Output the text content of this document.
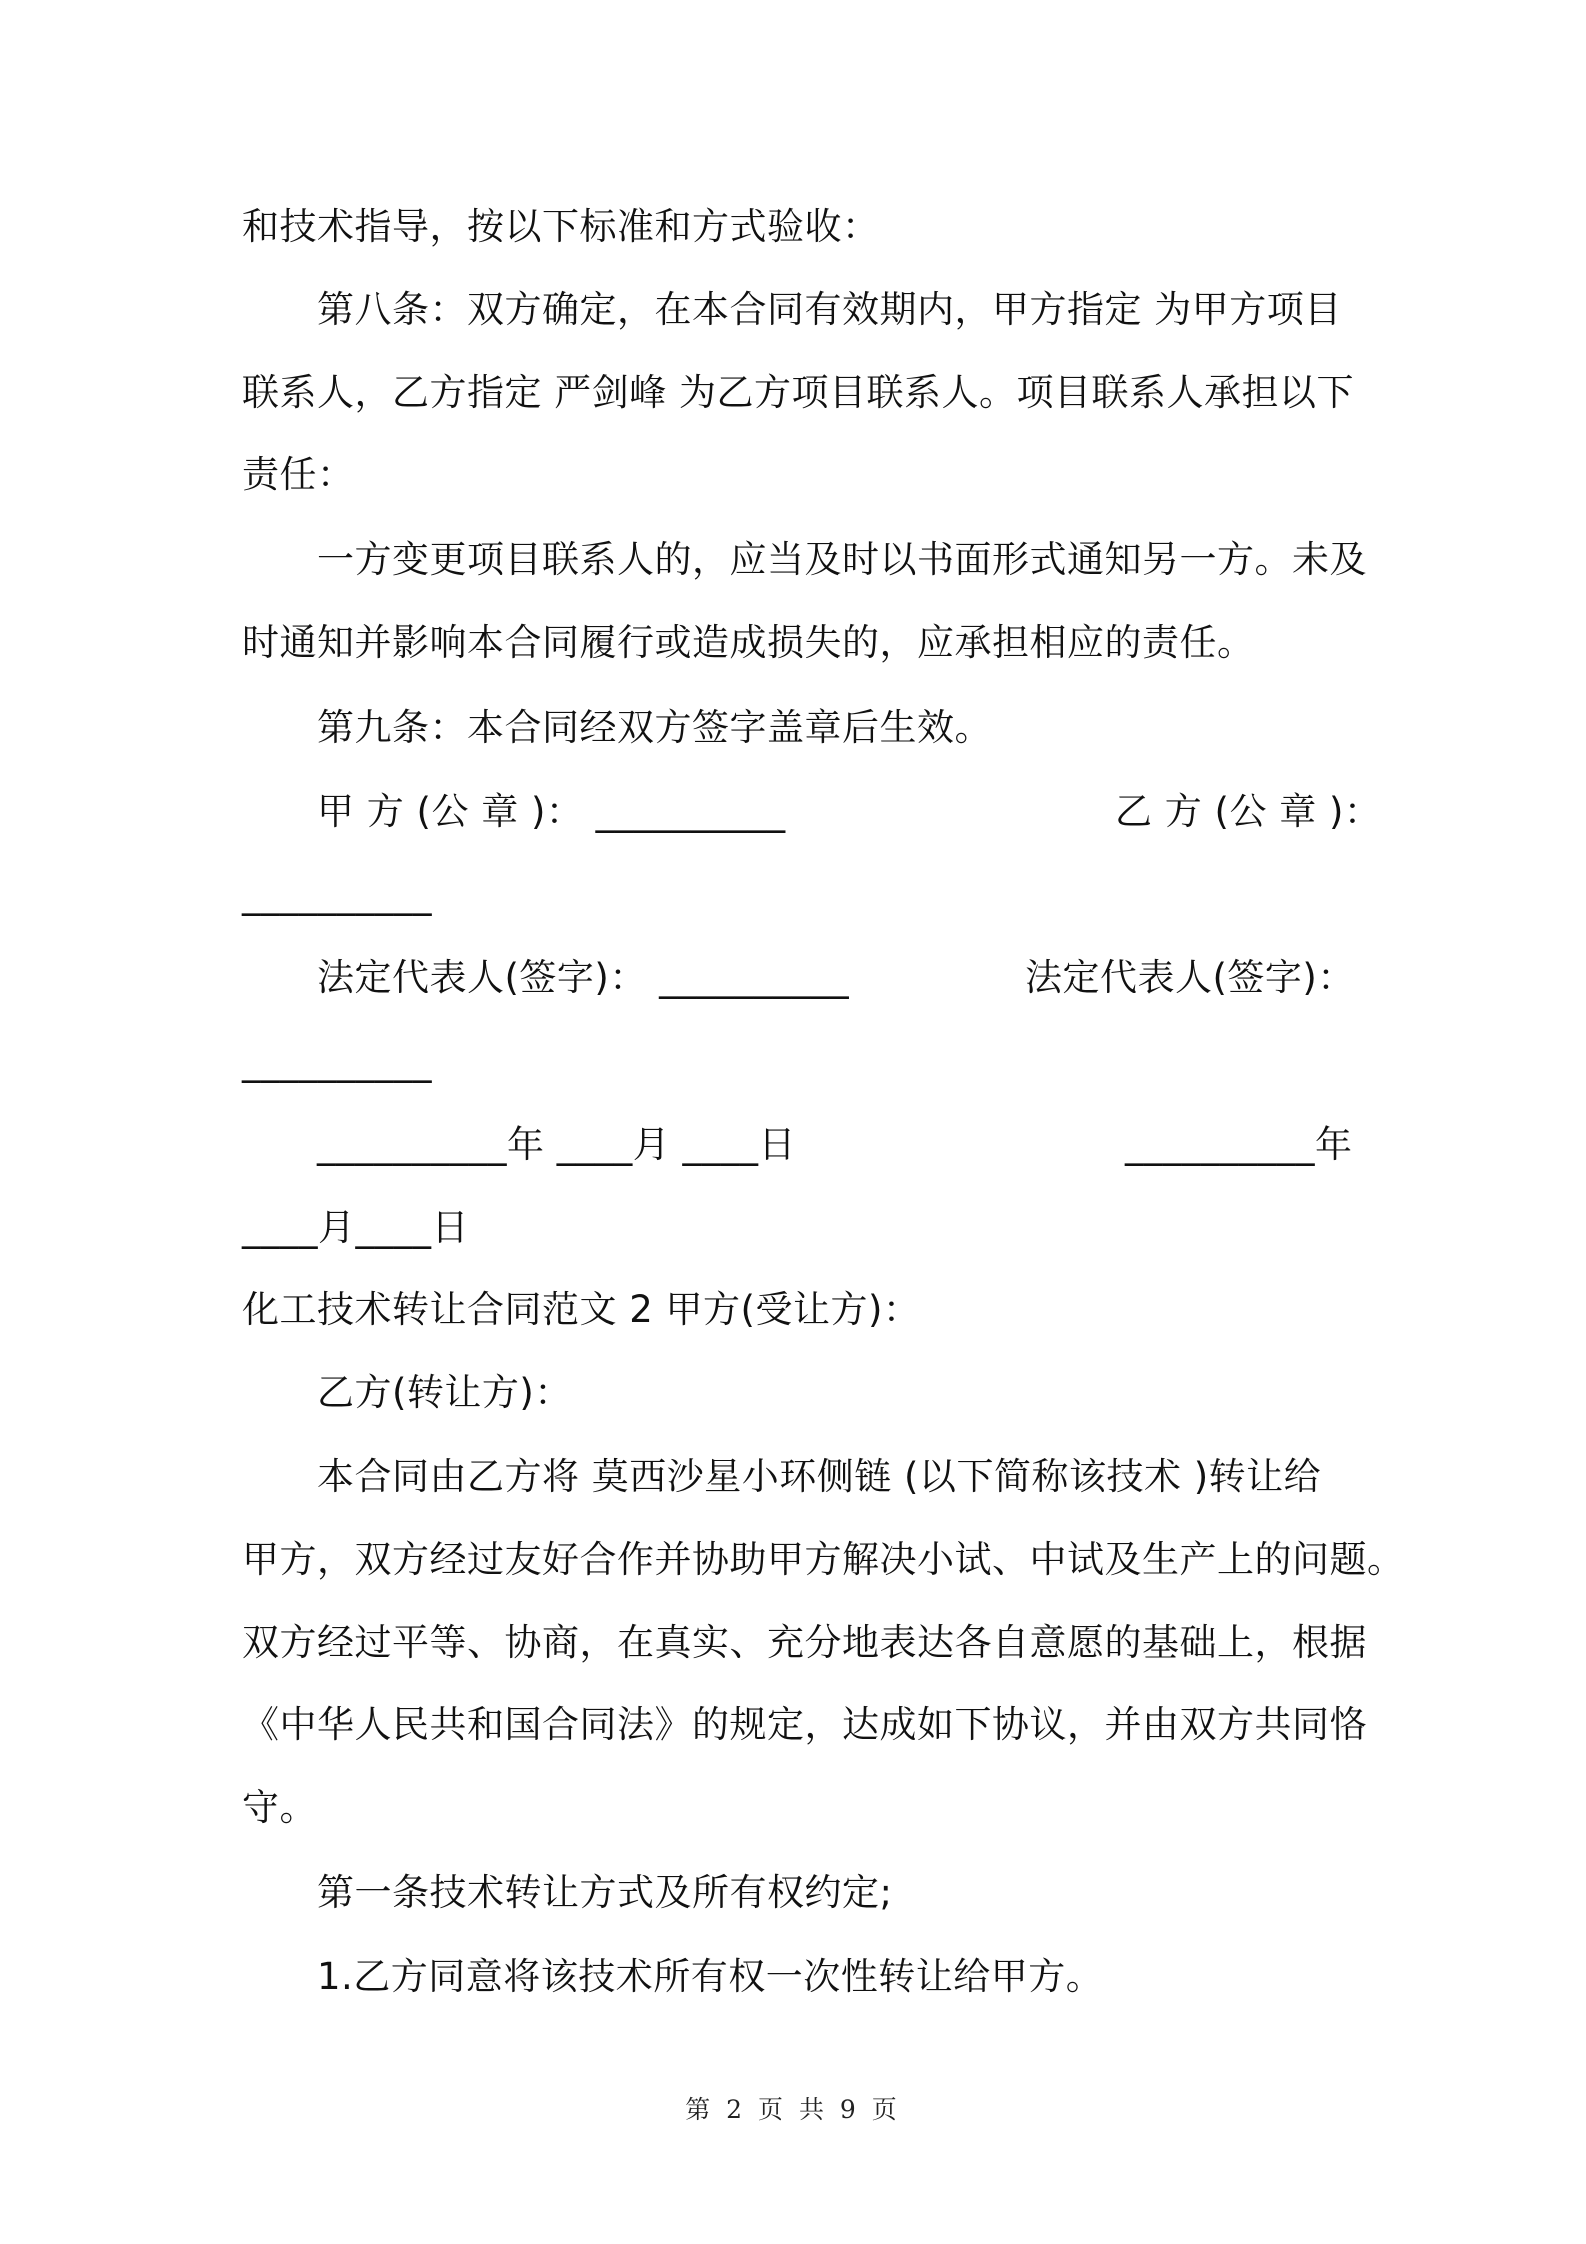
和技术指导，按以下标准和方式验收：
第八条：双方确定，在本合同有效期内，甲方指定 为甲方项目
联系人，乙方指定 严剑峰 为乙方项目联系人。项目联系人承担以下
责任：
一方变更项目联系人的，应当及时以书面形式通知另一方。未及
时通知并影响本合同履行或造成损失的，应承担相应的责任。
第九条：本合同经双方签字盖章后生效。
甲 方 (公 章 )： __________	乙 方 (公 章 )：
__________
法定代表人(签字)： __________	法定代表人(签字)：
__________
__________年 ____月 ____日	__________年
____月____日
化工技术转让合同范文 2 甲方(受让方)：
乙方(转让方)：
本合同由乙方将 莫西沙星小环侧链 (以下简称该技术 )转让给
甲方，双方经过友好合作并协助甲方解决小试、中试及生产上的问题。
双方经过平等、协商，在真实、充分地表达各自意愿的基础上，根据
《中华人民共和国合同法》的规定，达成如下协议，并由双方共同恪
守。
第一条技术转让方式及所有权约定;
1.乙方同意将该技术所有权一次性转让给甲方。
第 2 页 共 9 页
